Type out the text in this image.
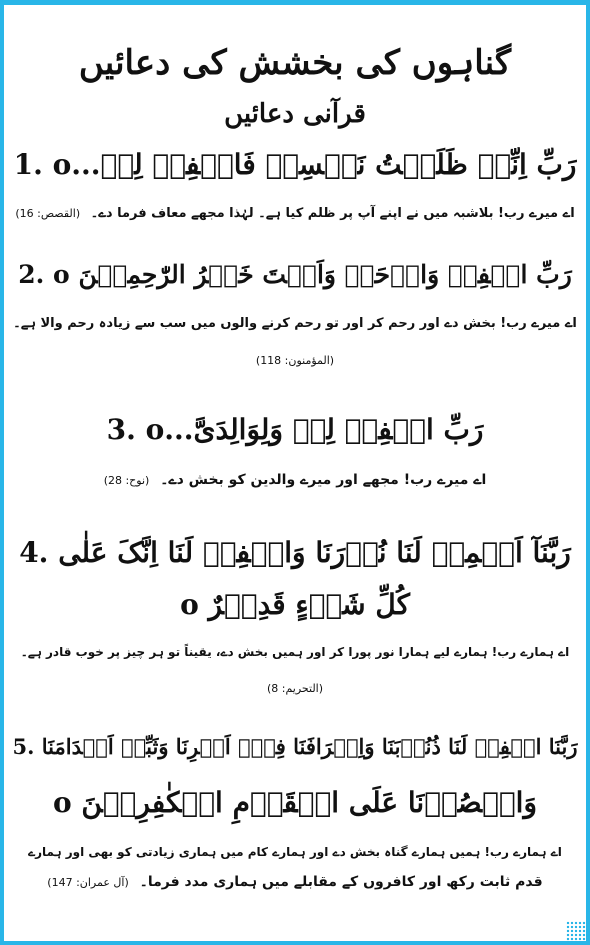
گناہوں کی بخشش کی دعائیں
قرآنی دعائیں
رَبِّ اِنِّیۡ ظَلَمۡتُ نَفۡسِیۡ فَاغۡفِرۡ لِیۡ...o 1.
اے میرے رب! بلاشبہ میں نے اپنے آپ پر ظلم کیا ہے۔ لہٰذا مجھے معاف فرما دے۔ (القصص: 16)
رَبِّ اغۡفِرۡ وَارۡحَمۡ وَاَنۡتَ خَیۡرُ الرّٰحِمِیۡنَ o 2.
اے میرے رب! بخش دے اور رحم کر اور تو رحم کرنے والوں میں سب سے زیادہ رحم والا ہے۔
(المؤمنون: 118)
رَبِّ اغۡفِرۡ لِیۡ وَلِوَالِدَیَّ...o 3.
اے میرے رب! مجھے اور میرے والدین کو بخش دے۔ (نوح: 28)
رَبَّنَآ اَتۡمِمۡ لَنَا نُوۡرَنَا وَاغۡفِرۡ لَنَا اِنَّکَ عَلٰی 4.
کُلِّ شَیۡءٍ قَدِیۡرٌ o
اے ہمارے رب! ہمارے لیے ہمارا نور پورا کر اور ہمیں بخش دے، یقیناً تو ہر چیز پر خوب قادر ہے۔
(التحریم: 8)
رَبَّنَا اغۡفِرۡ لَنَا ذُنُوۡبَنَا وَاِسۡرَافَنَا فِیۡۤ اَمۡرِنَا وَثَبِّتۡ اَقۡدَامَنَا 5.
وَانۡصُرۡنَا عَلَی الۡقَوۡمِ الۡکٰفِرِیۡنَ o
اے ہمارے رب! ہمیں ہمارے گناہ بخش دے اور ہمارے کام میں ہماری زیادتی کو بھی اور ہمارے
قدم ثابت رکھ اور کافروں کے مقابلے میں ہماری مدد فرما۔ (آل عمران: 147)
